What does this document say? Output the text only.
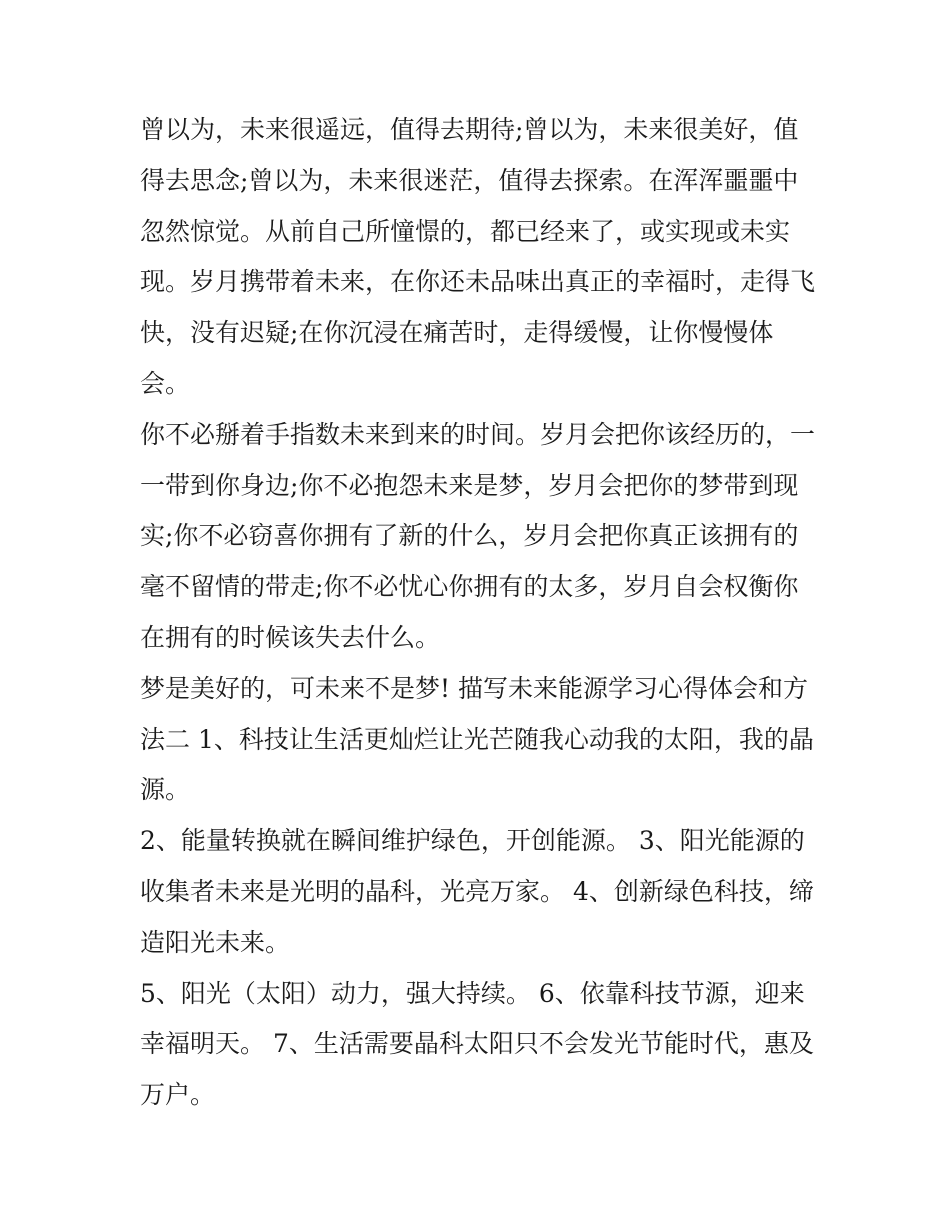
曾以为，未来很遥远，值得去期待;曾以为，未来很美好，值
得去思念;曾以为，未来很迷茫，值得去探索。在浑浑噩噩中
忽然惊觉。从前自己所憧憬的，都已经来了，或实现或未实
现。岁月携带着未来，在你还未品味出真正的幸福时，走得飞
快，没有迟疑;在你沉浸在痛苦时，走得缓慢，让你慢慢体
会。
你不必掰着手指数未来到来的时间。岁月会把你该经历的，一
一带到你身边;你不必抱怨未来是梦，岁月会把你的梦带到现
实;你不必窃喜你拥有了新的什么，岁月会把你真正该拥有的
毫不留情的带走;你不必忧心你拥有的太多，岁月自会权衡你
在拥有的时候该失去什么。
梦是美好的，可未来不是梦! 描写未来能源学习心得体会和方
法二 1、科技让生活更灿烂让光芒随我心动我的太阳，我的晶
源。
2、能量转换就在瞬间维护绿色，开创能源。 3、阳光能源的
收集者未来是光明的晶科，光亮万家。 4、创新绿色科技，缔
造阳光未来。
5、阳光（太阳）动力，强大持续。 6、依靠科技节源，迎来
幸福明天。 7、生活需要晶科太阳只不会发光节能时代，惠及
万户。
